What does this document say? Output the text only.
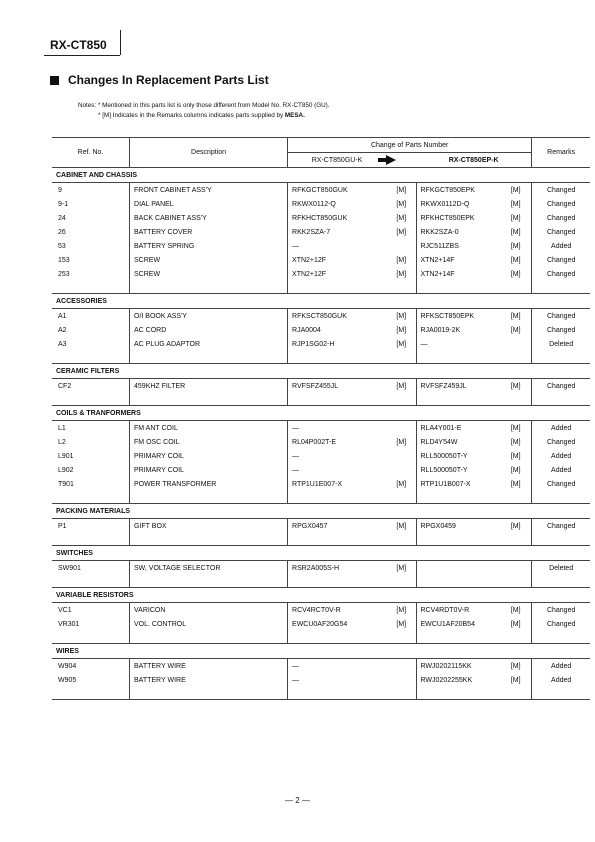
RX-CT850
Changes In Replacement Parts List
Notes: * Mentioned in this parts list is only those different from Model No. RX-CT850 (GU).
* [M] Indicates in the Remarks columns indicates parts supplied by MESA.
Ref. No.	Description	Change of Parts Number				Remarks
		RX-CT850GU-K		RX-CT850EP-K		
CABINET AND CHASSIS						
9	FRONT CABINET ASS'Y	RFKGCT850GUK	[M]	RFKGCT850EPK	[M]	Changed
9-1	DIAL PANEL	RKWX0112-Q	[M]	RKWX0112D-Q	[M]	Changed
24	BACK CABINET ASS'Y	RFKHCT850GUK	[M]	RFKHCT850EPK	[M]	Changed
26	BATTERY COVER	RKK2SZA-7	[M]	RKK2SZA-0	[M]	Changed
53	BATTERY SPRING	—		RJC511ZBS	[M]	Added
153	SCREW	XTN2+12F	[M]	XTN2+14F	[M]	Changed
253	SCREW	XTN2+12F	[M]	XTN2+14F	[M]	Changed

ACCESSORIES						
A1	O/I BOOK ASS'Y	RFKSCT850GUK	[M]	RFKSCT850EPK	[M]	Changed
A2	AC CORD	RJA0004	[M]	RJA0019-2K	[M]	Changed
A3	AC PLUG ADAPTOR	RJP1SG02-H	[M]	—		Deleted

CERAMIC FILTERS						
CF2	459KHZ FILTER	RVFSFZ455JL	[M]	RVFSFZ459JL	[M]	Changed

COILS & TRANFORMERS						
L1	FM ANT COIL	—		RLA4Y001-E	[M]	Added
L2	FM OSC COIL	RL04P002T-E	[M]	RLD4Y54W	[M]	Changed
L901	PRIMARY COIL	—		RLL500050T-Y	[M]	Added
L902	PRIMARY COIL	—		RLL500050T-Y	[M]	Added
T901	POWER TRANSFORMER	RTP1U1E007-X	[M]	RTP1U1B007-X	[M]	Changed

PACKING MATERIALS						
P1	GIFT BOX	RPGX0457	[M]	RPGX0459	[M]	Changed

SWITCHES						
SW901	SW, VOLTAGE SELECTOR	RSR2A005S-H	[M]			Deleted

VARIABLE RESISTORS						
VC1	VARICON	RCV4RCT0V-R	[M]	RCV4RDT0V-R	[M]	Changed
VR301	VOL. CONTROL	EWCU0AF20G54	[M]	EWCU1AF20B54	[M]	Changed

WIRES						
W904	BATTERY WIRE	—		RWJ0202115KK	[M]	Added
W905	BATTERY WIRE	—		RWJ0202255KK	[M]	Added

— 2 —
